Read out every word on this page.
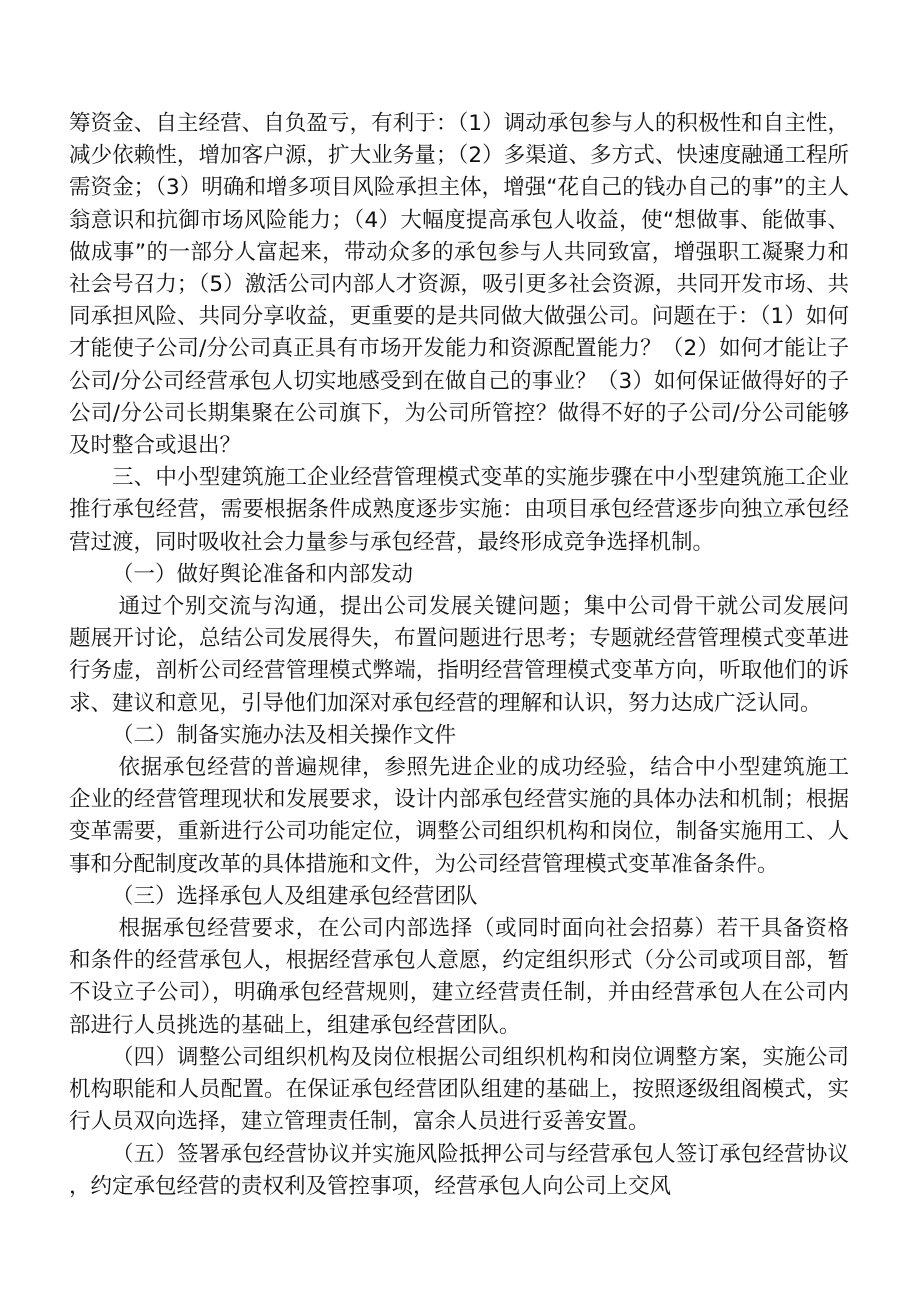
筹资金、自主经营、自负盈亏，有利于：（1）调动承包参与人的积极性和自主性，减少依赖性，增加客户源，扩大业务量；（2）多渠道、多方式、快速度融通工程所需资金；（3）明确和增多项目风险承担主体，增强“花自己的钱办自己的事”的主人翁意识和抗御市场风险能力；（4）大幅度提高承包人收益，使“想做事、能做事、做成事”的一部分人富起来，带动众多的承包参与人共同致富，增强职工凝聚力和社会号召力；（5）激活公司内部人才资源，吸引更多社会资源，共同开发市场、共同承担风险、共同分享收益，更重要的是共同做大做强公司。问题在于：（1）如何才能使子公司/分公司真正具有市场开发能力和资源配置能力？（2）如何才能让子公司/分公司经营承包人切实地感受到在做自己的事业？（3）如何保证做得好的子公司/分公司长期集聚在公司旗下，为公司所管控？做得不好的子公司/分公司能够及时整合或退出？

三、中小型建筑施工企业经营管理模式变革的实施步骤在中小型建筑施工企业推行承包经营，需要根据条件成熟度逐步实施：由项目承包经营逐步向独立承包经营过渡，同时吸收社会力量参与承包经营，最终形成竞争选择机制。

（一）做好舆论准备和内部发动

通过个别交流与沟通，提出公司发展关键问题；集中公司骨干就公司发展问题展开讨论，总结公司发展得失，布置问题进行思考；专题就经营管理模式变革进行务虚，剖析公司经营管理模式弊端，指明经营管理模式变革方向，听取他们的诉求、建议和意见，引导他们加深对承包经营的理解和认识，努力达成广泛认同。

（二）制备实施办法及相关操作文件

依据承包经营的普遍规律，参照先进企业的成功经验，结合中小型建筑施工企业的经营管理现状和发展要求，设计内部承包经营实施的具体办法和机制；根据变革需要，重新进行公司功能定位，调整公司组织机构和岗位，制备实施用工、人事和分配制度改革的具体措施和文件，为公司经营管理模式变革准备条件。

（三）选择承包人及组建承包经营团队

根据承包经营要求，在公司内部选择（或同时面向社会招募）若干具备资格和条件的经营承包人，根据经营承包人意愿，约定组织形式（分公司或项目部，暂不设立子公司），明确承包经营规则，建立经营责任制，并由经营承包人在公司内部进行人员挑选的基础上，组建承包经营团队。

（四）调整公司组织机构及岗位根据公司组织机构和岗位调整方案，实施公司机构职能和人员配置。在保证承包经营团队组建的基础上，按照逐级组阁模式，实行人员双向选择，建立管理责任制，富余人员进行妥善安置。

（五）签署承包经营协议并实施风险抵押公司与经营承包人签订承包经营协议，约定承包经营的责权利及管控事项，经营承包人向公司上交风
